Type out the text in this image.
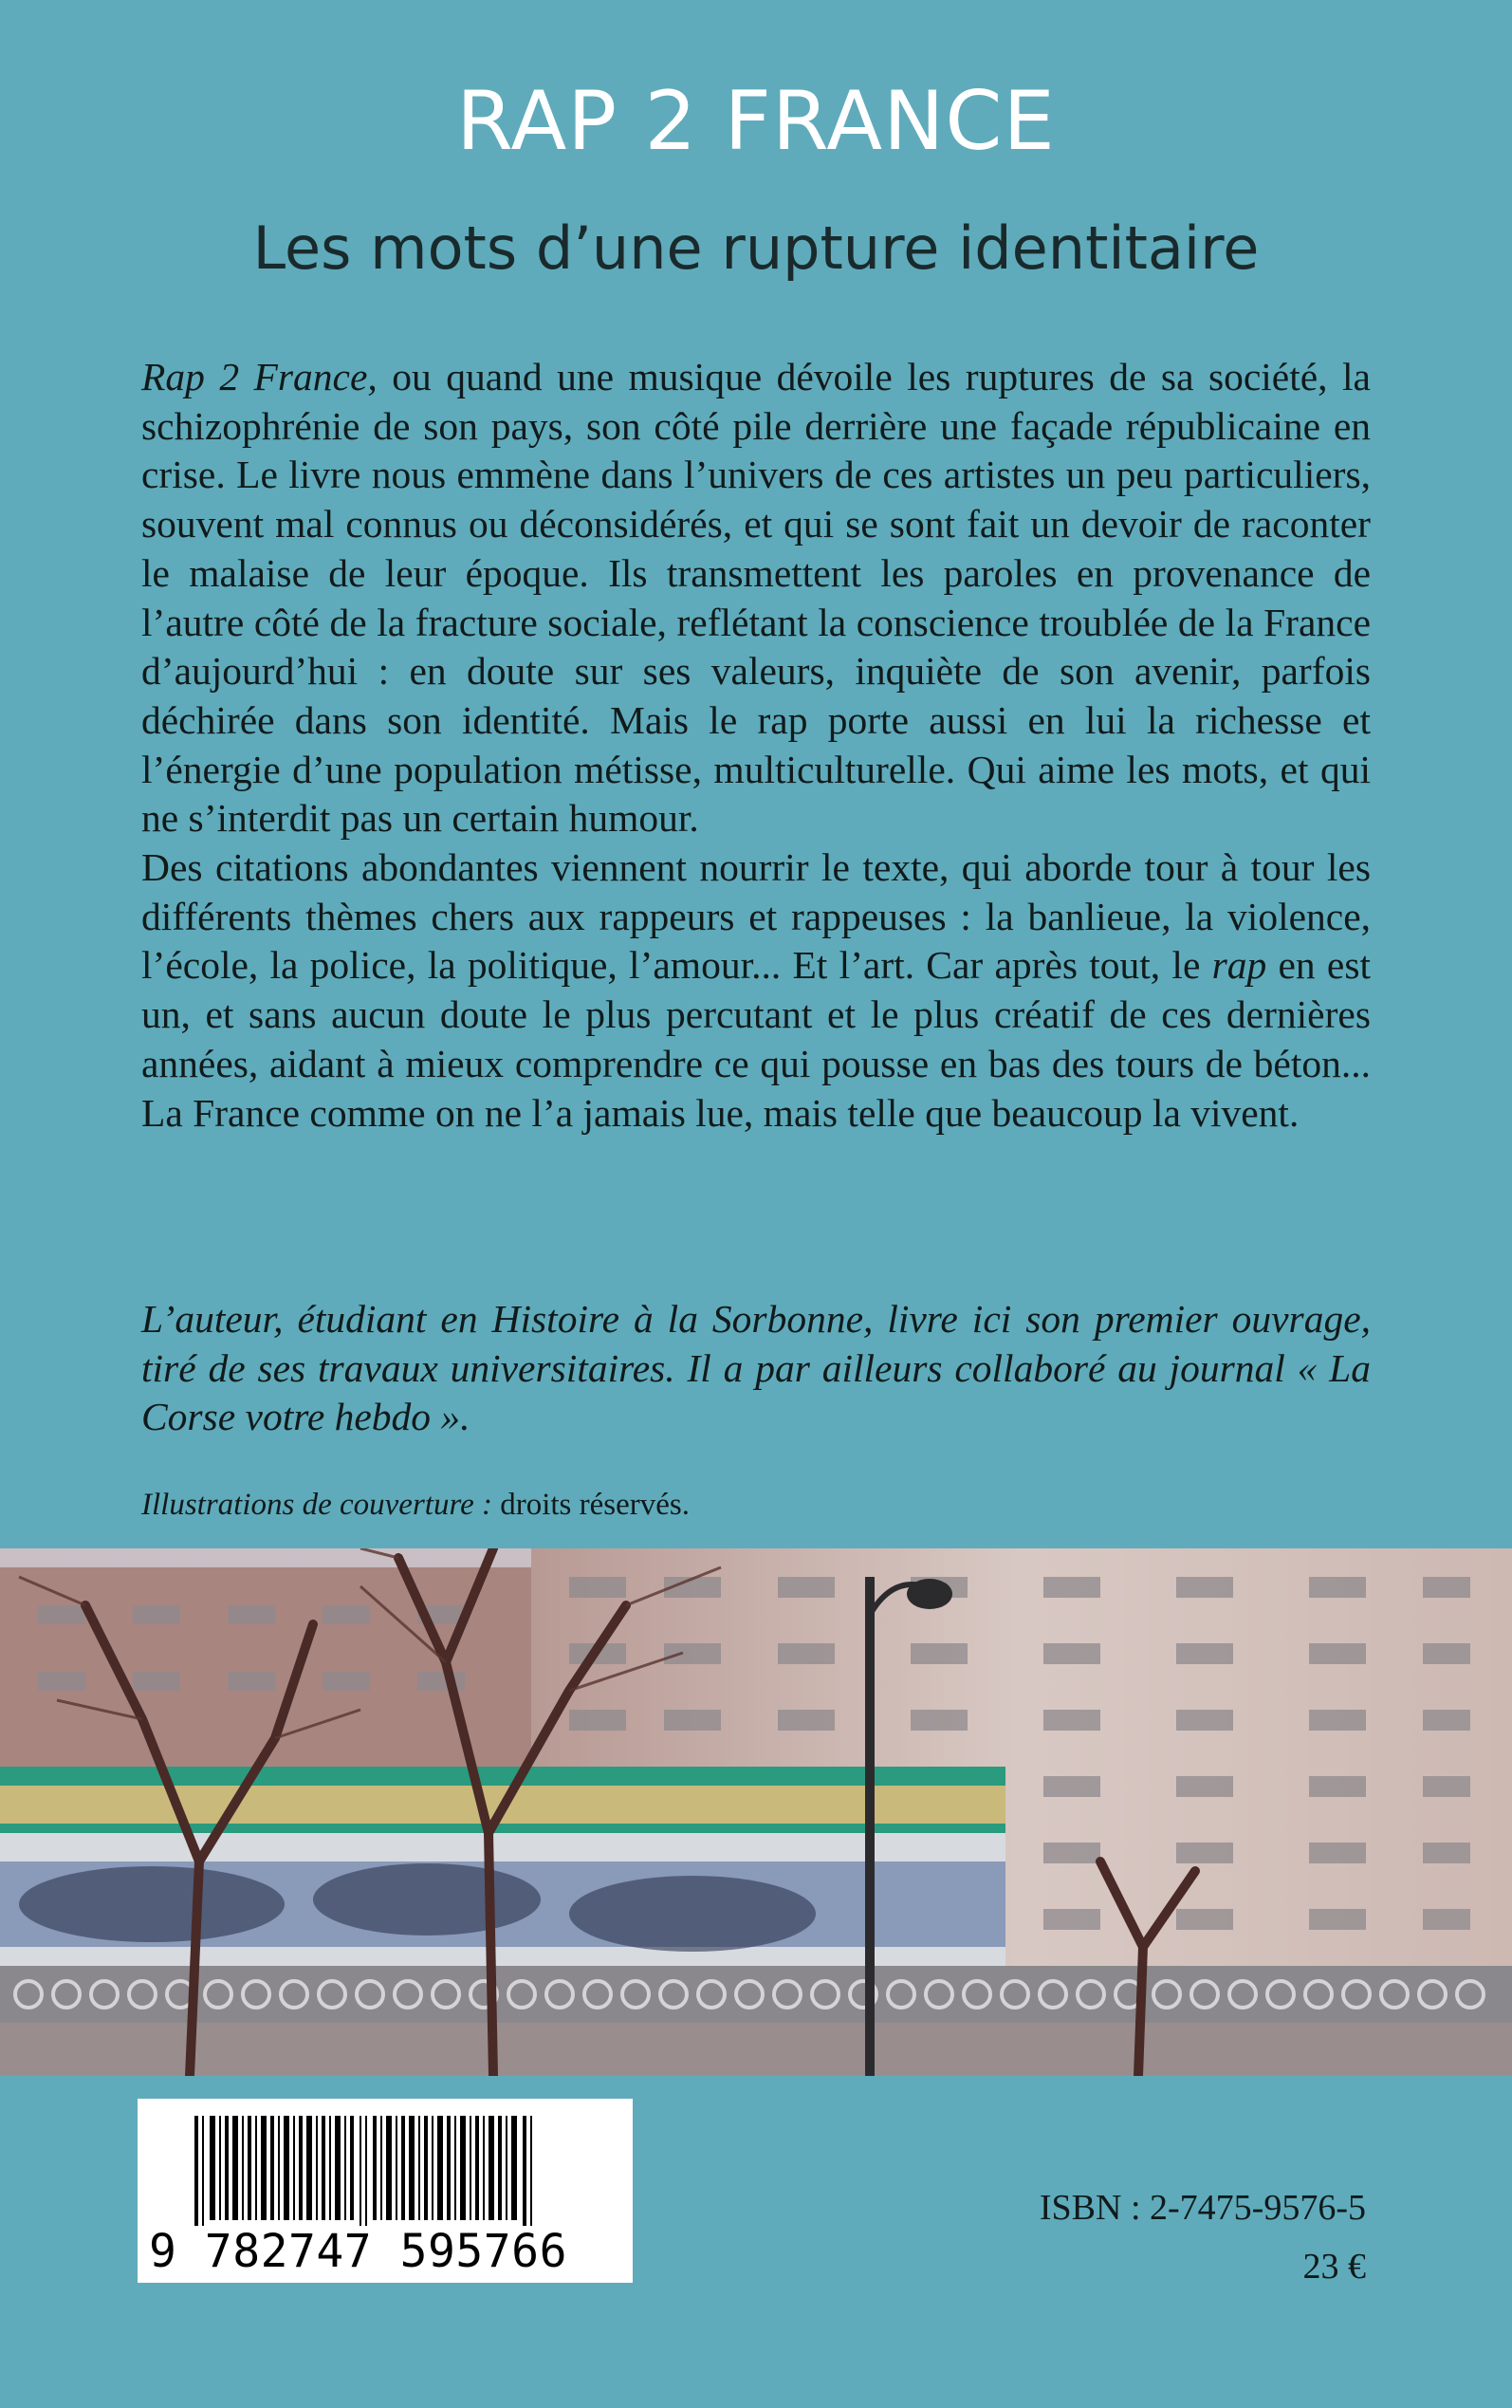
RAP 2 FRANCE
Les mots d’une rupture identitaire

Rap 2 France, ou quand une musique dévoile les ruptures de sa société, la schizophrénie de son pays, son côté pile derrière une façade républicaine en crise. Le livre nous emmène dans l’univers de ces artistes un peu particuliers, souvent mal connus ou déconsidérés, et qui se sont fait un devoir de raconter le malaise de leur époque. Ils transmettent les paroles en provenance de l’autre côté de la fracture sociale, reflétant la conscience troublée de la France d’aujourd’hui : en doute sur ses valeurs, inquiète de son avenir, parfois déchirée dans son identité. Mais le rap porte aussi en lui la richesse et l’énergie d’une population métisse, multiculturelle. Qui aime les mots, et qui ne s’interdit pas un certain humour.

Des citations abondantes viennent nourrir le texte, qui aborde tour à tour les différents thèmes chers aux rappeurs et rappeuses : la banlieue, la violence, l’école, la police, la politique, l’amour... Et l’art. Car après tout, le rap en est un, et sans aucun doute le plus percutant et le plus créatif de ces dernières années, aidant à mieux comprendre ce qui pousse en bas des tours de béton... La France comme on ne l’a jamais lue, mais telle que beaucoup la vivent.

L’auteur, étudiant en Histoire à la Sorbonne, livre ici son premier ouvrage, tiré de ses travaux universitaires. Il a par ailleurs collaboré au journal « La Corse votre hebdo ».
Illustrations de couverture : droits réservés.
9 782747 595766
ISBN : 2-7475-9576-5
23 €
